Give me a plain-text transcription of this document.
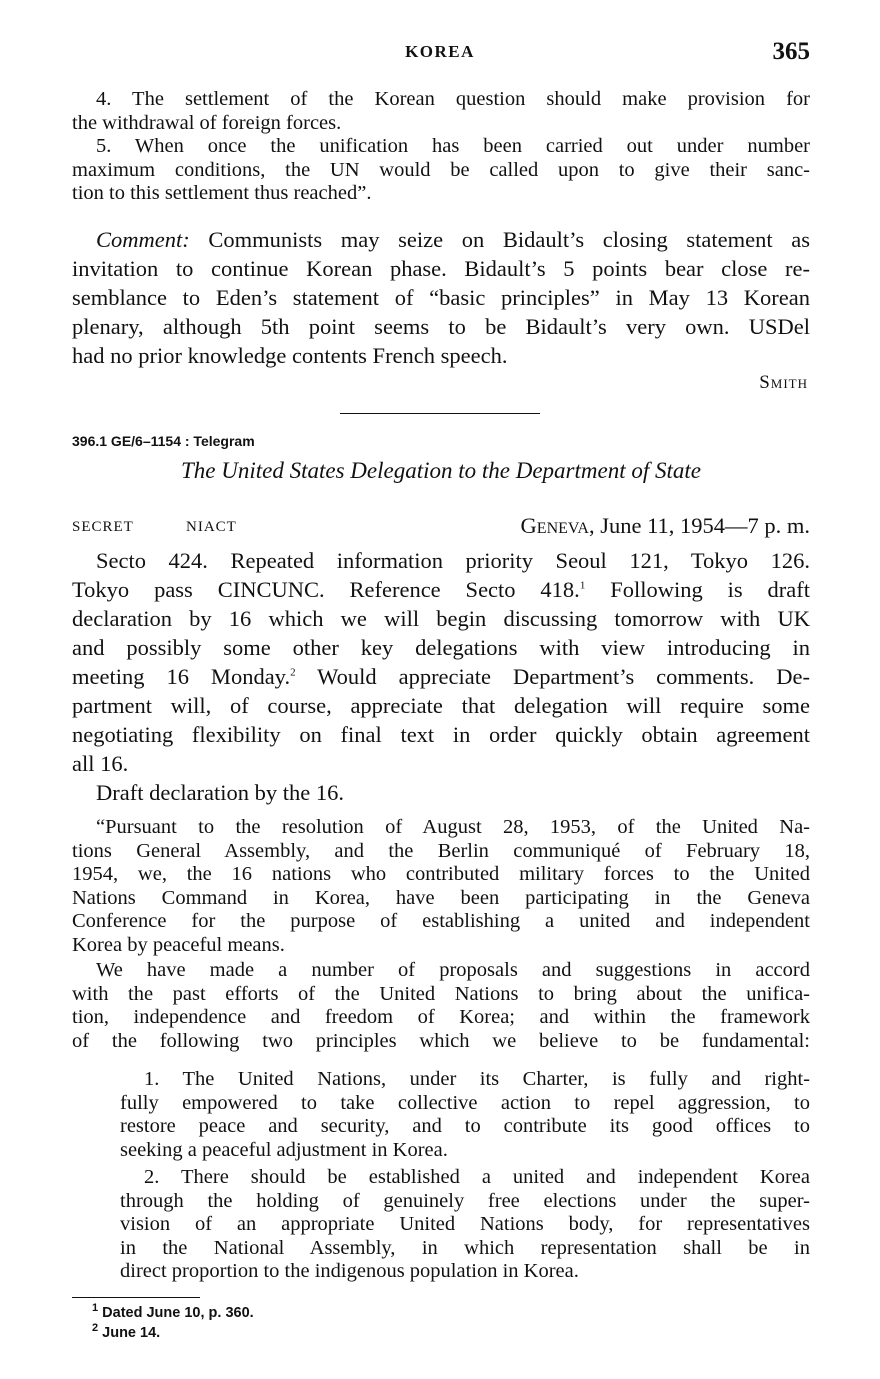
KOREA	365
4. The settlement of the Korean question should make provision for
the withdrawal of foreign forces.
5. When once the unification has been carried out under number
maximum conditions, the UN would be called upon to give their sanc-
tion to this settlement thus reached”.
Comment: Communists may seize on Bidault’s closing statement as
invitation to continue Korean phase. Bidault’s 5 points bear close re-
semblance to Eden’s statement of “basic principles” in May 13 Korean
plenary, although 5th point seems to be Bidault’s very own. USDel
had no prior knowledge contents French speech.
Smith
396.1 GE/6–1154 : Telegram
The United States Delegation to the Department of State
SECRET	NIACT	Geneva, June 11, 1954—7 p. m.
Secto 424. Repeated information priority Seoul 121, Tokyo 126.
Tokyo pass CINCUNC. Reference Secto 418.$^1$ Following is draft
declaration by 16 which we will begin discussing tomorrow with UK
and possibly some other key delegations with view introducing in
meeting 16 Monday.$^2$ Would appreciate Department’s comments. De-
partment will, of course, appreciate that delegation will require some
negotiating flexibility on final text in order quickly obtain agreement
all 16.
Draft declaration by the 16.
“Pursuant to the resolution of August 28, 1953, of the United Na-
tions General Assembly, and the Berlin communiqué of February 18,
1954, we, the 16 nations who contributed military forces to the United
Nations Command in Korea, have been participating in the Geneva
Conference for the purpose of establishing a united and independent
Korea by peaceful means.
We have made a number of proposals and suggestions in accord
with the past efforts of the United Nations to bring about the unifica-
tion, independence and freedom of Korea; and within the framework
of the following two principles which we believe to be fundamental:
1. The United Nations, under its Charter, is fully and right-
fully empowered to take collective action to repel aggression, to
restore peace and security, and to contribute its good offices to
seeking a peaceful adjustment in Korea.
2. There should be established a united and independent Korea
through the holding of genuinely free elections under the super-
vision of an appropriate United Nations body, for representatives
in the National Assembly, in which representation shall be in
direct proportion to the indigenous population in Korea.
$^1$ Dated June 10, p. 360.
$^2$ June 14.
